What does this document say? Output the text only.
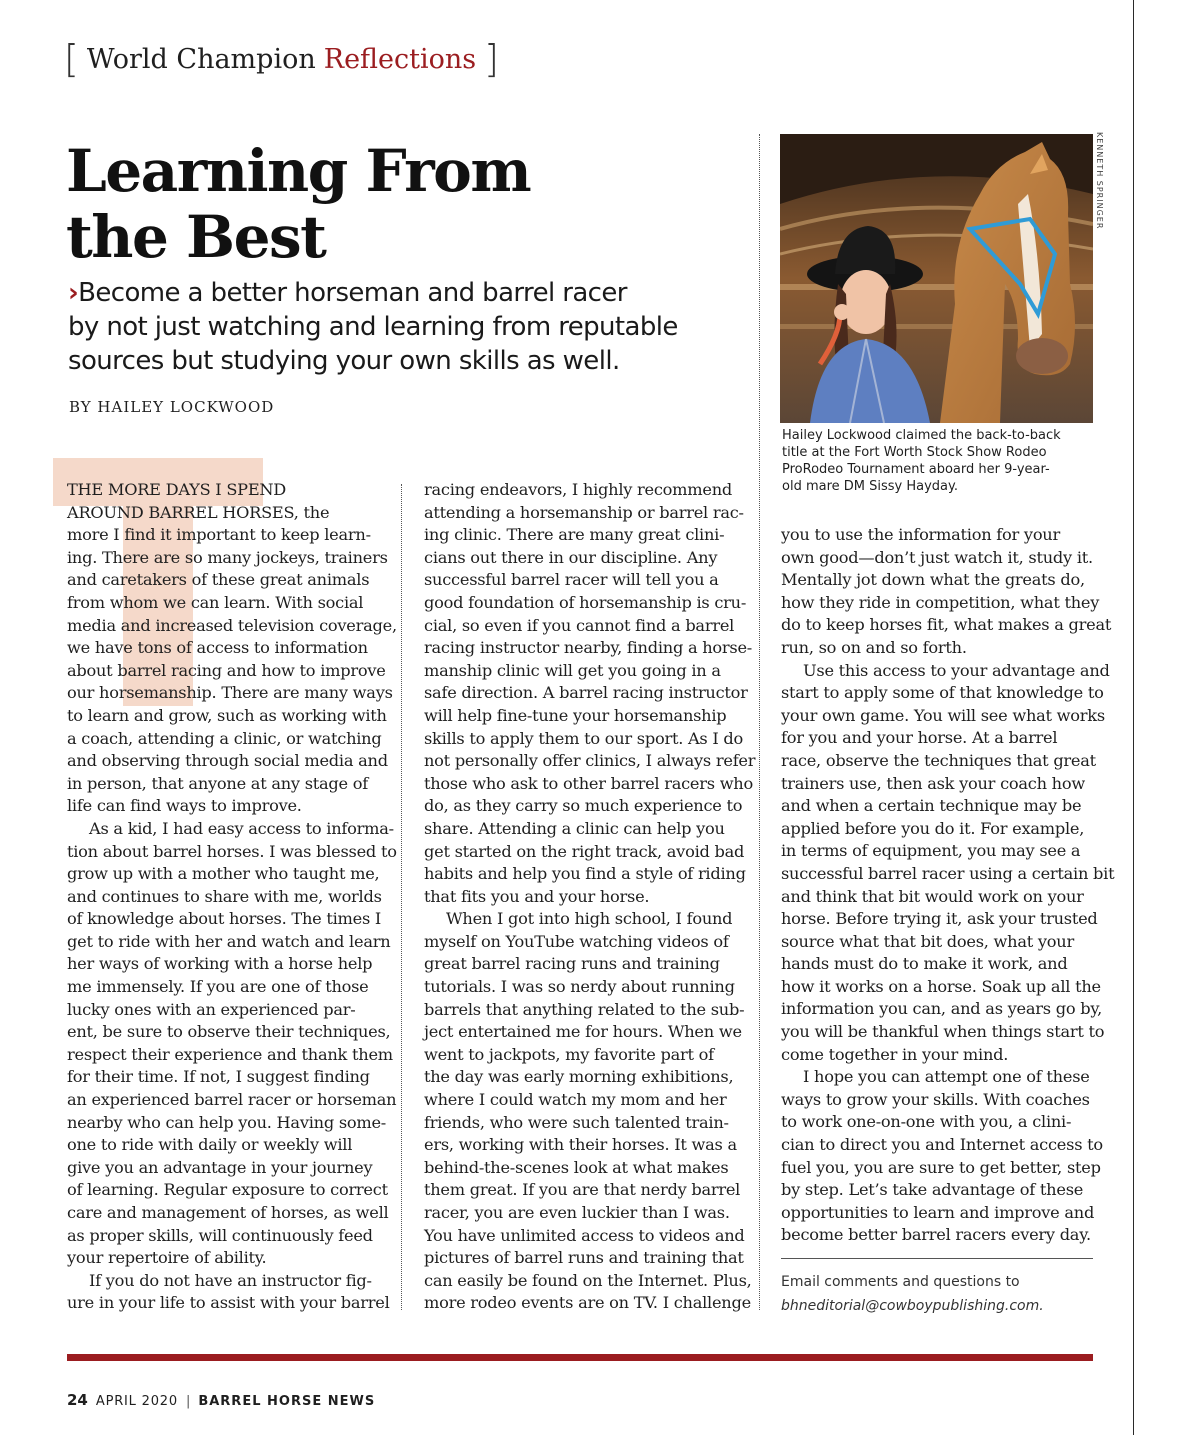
[ World Champion Reflections ]
Learning From
the Best
›Become a better horseman and barrel racer
by not just watching and learning from reputable
sources but studying your own skills as well.
BY HAILEY LOCKWOOD
KENNETH SPRINGER
Hailey Lockwood claimed the back-to-back
title at the Fort Worth Stock Show Rodeo
ProRodeo Tournament aboard her 9-year-
old mare DM Sissy Hayday.
THE MORE DAYS I SPEND
AROUND BARREL HORSES, the
more I find it important to keep learn-
ing. There are so many jockeys, trainers
and caretakers of these great animals
from whom we can learn. With social
media and increased television coverage,
we have tons of access to information
about barrel racing and how to improve
our horsemanship. There are many ways
to learn and grow, such as working with
a coach, attending a clinic, or watching
and observing through social media and
in person, that anyone at any stage of
life can find ways to improve.
As a kid, I had easy access to informa-
tion about barrel horses. I was blessed to
grow up with a mother who taught me,
and continues to share with me, worlds
of knowledge about horses. The times I
get to ride with her and watch and learn
her ways of working with a horse help
me immensely. If you are one of those
lucky ones with an experienced par-
ent, be sure to observe their techniques,
respect their experience and thank them
for their time. If not, I suggest finding
an experienced barrel racer or horseman
nearby who can help you. Having some-
one to ride with daily or weekly will
give you an advantage in your journey
of learning. Regular exposure to correct
care and management of horses, as well
as proper skills, will continuously feed
your repertoire of ability.
If you do not have an instructor fig-
ure in your life to assist with your barrel
racing endeavors, I highly recommend
attending a horsemanship or barrel rac-
ing clinic. There are many great clini-
cians out there in our discipline. Any
successful barrel racer will tell you a
good foundation of horsemanship is cru-
cial, so even if you cannot find a barrel
racing instructor nearby, finding a horse-
manship clinic will get you going in a
safe direction. A barrel racing instructor
will help fine-tune your horsemanship
skills to apply them to our sport. As I do
not personally offer clinics, I always refer
those who ask to other barrel racers who
do, as they carry so much experience to
share. Attending a clinic can help you
get started on the right track, avoid bad
habits and help you find a style of riding
that fits you and your horse.
When I got into high school, I found
myself on YouTube watching videos of
great barrel racing runs and training
tutorials. I was so nerdy about running
barrels that anything related to the sub-
ject entertained me for hours. When we
went to jackpots, my favorite part of
the day was early morning exhibitions,
where I could watch my mom and her
friends, who were such talented train-
ers, working with their horses. It was a
behind-the-scenes look at what makes
them great. If you are that nerdy barrel
racer, you are even luckier than I was.
You have unlimited access to videos and
pictures of barrel runs and training that
can easily be found on the Internet. Plus,
more rodeo events are on TV. I challenge
you to use the information for your
own good—don’t just watch it, study it.
Mentally jot down what the greats do,
how they ride in competition, what they
do to keep horses fit, what makes a great
run, so on and so forth.
Use this access to your advantage and
start to apply some of that knowledge to
your own game. You will see what works
for you and your horse. At a barrel
race, observe the techniques that great
trainers use, then ask your coach how
and when a certain technique may be
applied before you do it. For example,
in terms of equipment, you may see a
successful barrel racer using a certain bit
and think that bit would work on your
horse. Before trying it, ask your trusted
source what that bit does, what your
hands must do to make it work, and
how it works on a horse. Soak up all the
information you can, and as years go by,
you will be thankful when things start to
come together in your mind.
I hope you can attempt one of these
ways to grow your skills. With coaches
to work one-on-one with you, a clini-
cian to direct you and Internet access to
fuel you, you are sure to get better, step
by step. Let’s take advantage of these
opportunities to learn and improve and
become better barrel racers every day.
Email comments and questions to
bhneditorial@cowboypublishing.com.
24 APRIL 2020 | BARREL HORSE NEWS
